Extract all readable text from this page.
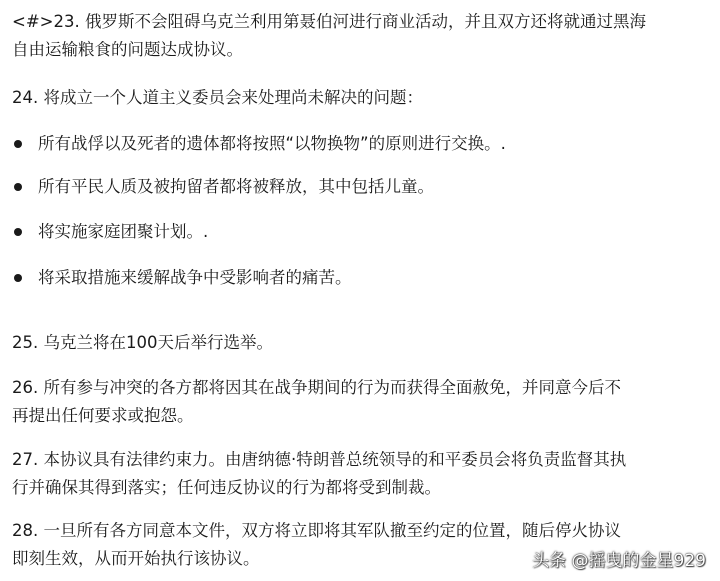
<#>23. 俄罗斯不会阻碍乌克兰利用第聂伯河进行商业活动，并且双方还将就通过黑海
自由运输粮食的问题达成协议。
24. 将成立一个人道主义委员会来处理尚未解决的问题：
所有战俘以及死者的遗体都将按照“以物换物”的原则进行交换。.
所有平民人质及被拘留者都将被释放，其中包括儿童。
将实施家庭团聚计划。.
将采取措施来缓解战争中受影响者的痛苦。
25. 乌克兰将在100天后举行选举。
26. 所有参与冲突的各方都将因其在战争期间的行为而获得全面赦免，并同意今后不
再提出任何要求或抱怨。
27. 本协议具有法律约束力。由唐纳德·特朗普总统领导的和平委员会将负责监督其执
行并确保其得到落实；任何违反协议的行为都将受到制裁。
28. 一旦所有各方同意本文件，双方将立即将其军队撤至约定的位置，随后停火协议
即刻生效，从而开始执行该协议。	头条 @摇曳的金星929
